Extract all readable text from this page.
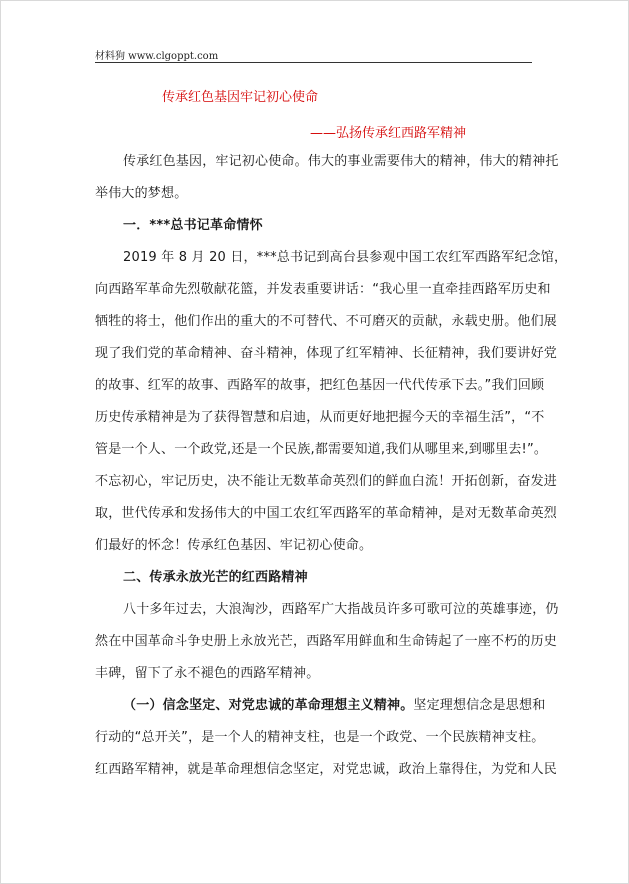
材料狗 www.clgoppt.com
传承红色基因牢记初心使命
——弘扬传承红西路军精神
传承红色基因，牢记初心使命。伟大的事业需要伟大的精神，伟大的精神托
举伟大的梦想。
一．***总书记革命情怀
2019 年 8 月 20 日，***总书记到高台县参观中国工农红军西路军纪念馆，
向西路军革命先烈敬献花篮，并发表重要讲话：“我心里一直牵挂西路军历史和
牺牲的将士，他们作出的重大的不可替代、不可磨灭的贡献，永载史册。他们展
现了我们党的革命精神、奋斗精神，体现了红军精神、长征精神，我们要讲好党
的故事、红军的故事、西路军的故事，把红色基因一代代传承下去。”我们回顾
历史传承精神是为了获得智慧和启迪，从而更好地把握今天的幸福生活”，“不
管是一个人、一个政党,还是一个民族,都需要知道,我们从哪里来,到哪里去!”。
不忘初心，牢记历史，决不能让无数革命英烈们的鲜血白流！开拓创新，奋发进
取，世代传承和发扬伟大的中国工农红军西路军的革命精神，是对无数革命英烈
们最好的怀念！传承红色基因、牢记初心使命。
二、传承永放光芒的红西路精神
八十多年过去，大浪淘沙，西路军广大指战员许多可歌可泣的英雄事迹，仍
然在中国革命斗争史册上永放光芒，西路军用鲜血和生命铸起了一座不朽的历史
丰碑，留下了永不褪色的西路军精神。
（一）信念坚定、对党忠诚的革命理想主义精神。坚定理想信念是思想和
行动的“总开关”，是一个人的精神支柱，也是一个政党、一个民族精神支柱。
红西路军精神，就是革命理想信念坚定，对党忠诚，政治上靠得住，为党和人民
